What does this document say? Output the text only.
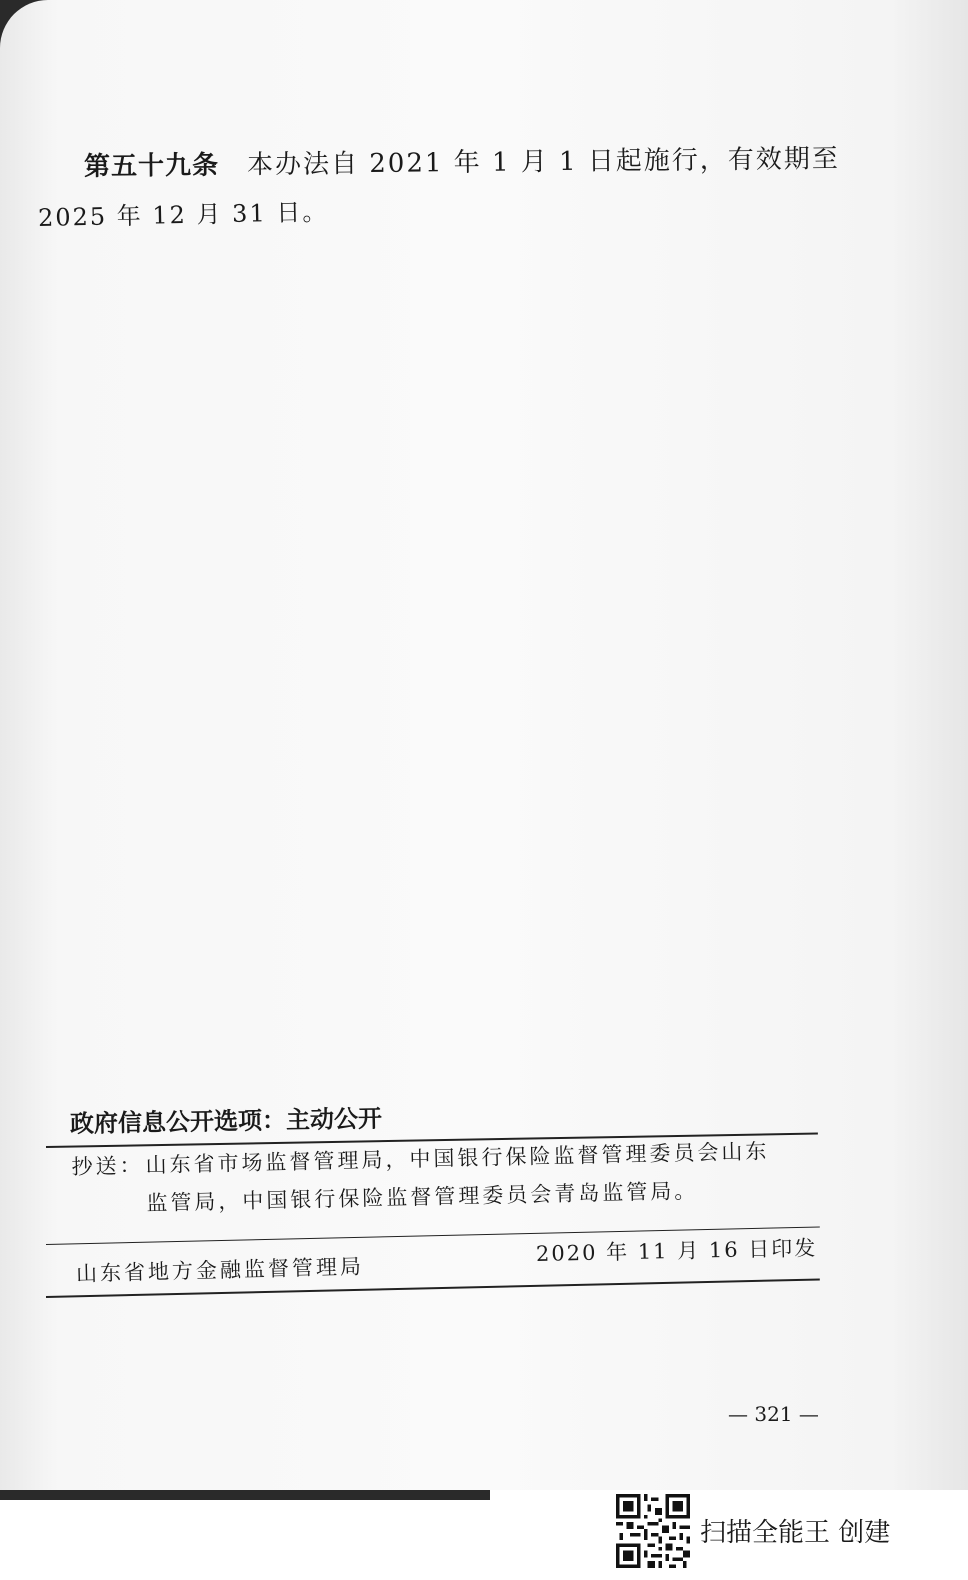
第五十九条 本办法自 2021 年 1 月 1 日起施行，有效期至
2025 年 12 月 31 日。
政府信息公开选项：主动公开
抄送：山东省市场监督管理局，中国银行保险监督管理委员会山东
监管局，中国银行保险监督管理委员会青岛监管局。
山东省地方金融监督管理局
2020 年 11 月 16 日印发
— 321 —
扫描全能王 创建
